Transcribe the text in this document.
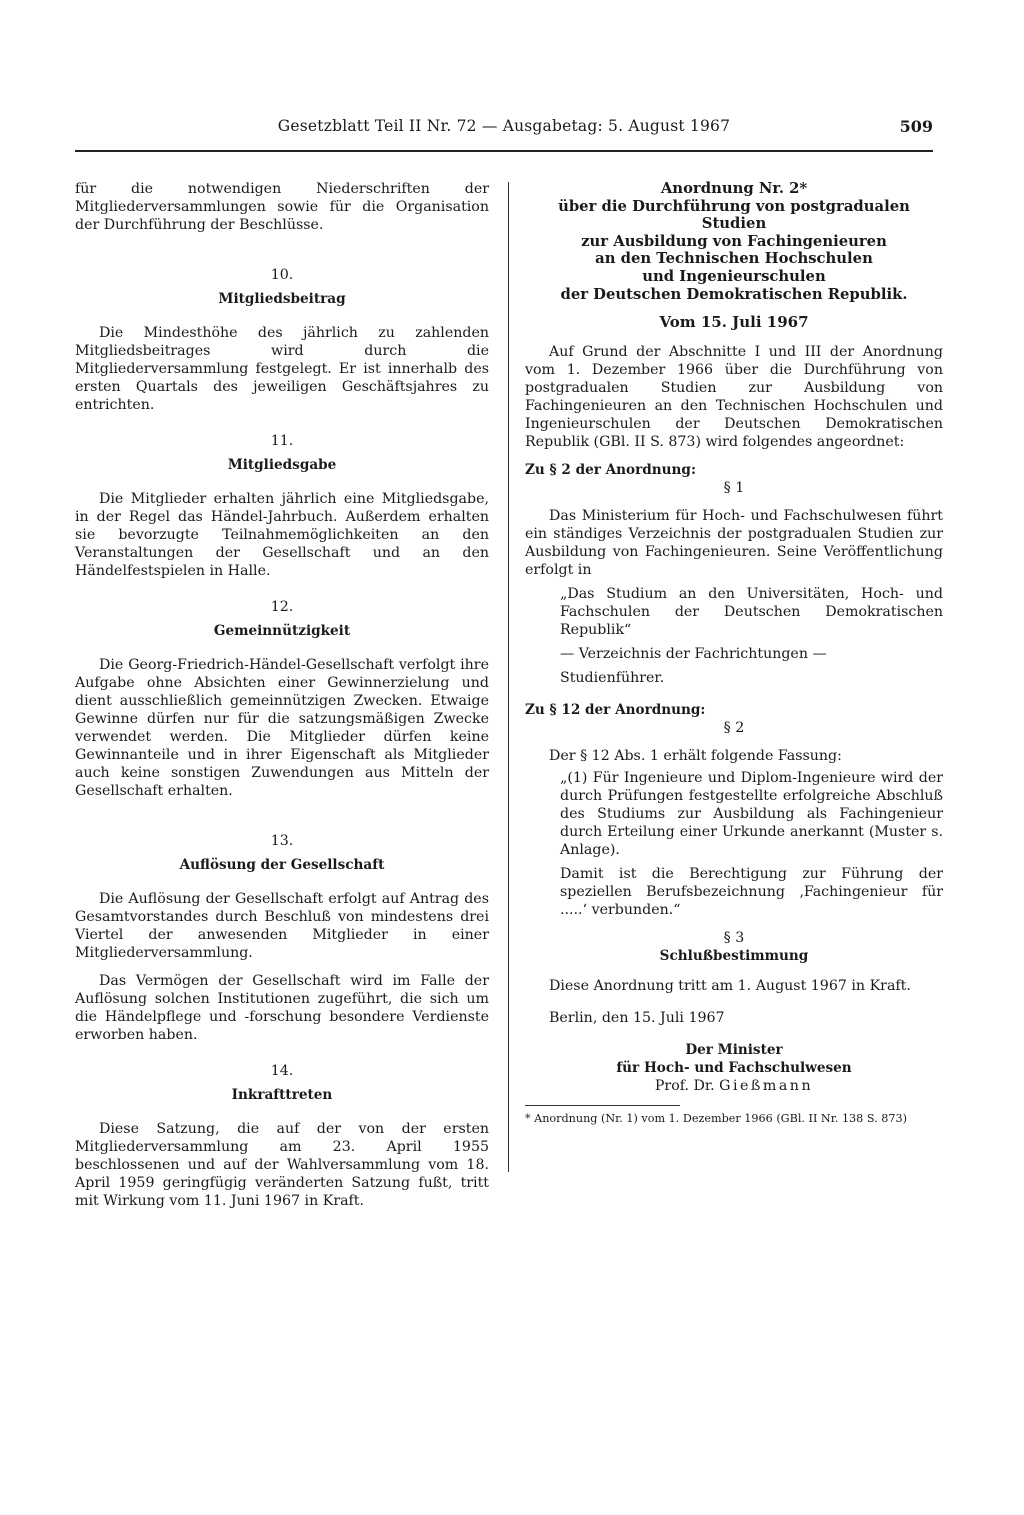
Gesetzblatt Teil II Nr. 72 — Ausgabetag: 5. August 1967	509

für die notwendigen Niederschriften der Mitgliederversammlungen sowie für die Organisation der Durchführung der Beschlüsse.

10.
Mitgliedsbeitrag

Die Mindesthöhe des jährlich zu zahlenden Mitgliedsbeitrages wird durch die Mitgliederversammlung festgelegt. Er ist innerhalb des ersten Quartals des jeweiligen Geschäftsjahres zu entrichten.

11.
Mitgliedsgabe

Die Mitglieder erhalten jährlich eine Mitgliedsgabe, in der Regel das Händel-Jahrbuch. Außerdem erhalten sie bevorzugte Teilnahmemöglichkeiten an den Veranstaltungen der Gesellschaft und an den Händelfestspielen in Halle.

12.
Gemeinnützigkeit

Die Georg-Friedrich-Händel-Gesellschaft verfolgt ihre Aufgabe ohne Absichten einer Gewinnerzielung und dient ausschließlich gemeinnützigen Zwecken. Etwaige Gewinne dürfen nur für die satzungsmäßigen Zwecke verwendet werden. Die Mitglieder dürfen keine Gewinnanteile und in ihrer Eigenschaft als Mitglieder auch keine sonstigen Zuwendungen aus Mitteln der Gesellschaft erhalten.

13.
Auflösung der Gesellschaft

Die Auflösung der Gesellschaft erfolgt auf Antrag des Gesamtvorstandes durch Beschluß von mindestens drei Viertel der anwesenden Mitglieder in einer Mitgliederversammlung.

Das Vermögen der Gesellschaft wird im Falle der Auflösung solchen Institutionen zugeführt, die sich um die Händelpflege und -forschung besondere Verdienste erworben haben.

14.
Inkrafttreten

Diese Satzung, die auf der von der ersten Mitgliederversammlung am 23. April 1955 beschlossenen und auf der Wahlversammlung vom 18. April 1959 geringfügig veränderten Satzung fußt, tritt mit Wirkung vom 11. Juni 1967 in Kraft.

Anordnung Nr. 2*
über die Durchführung von postgradualen Studien
zur Ausbildung von Fachingenieuren
an den Technischen Hochschulen
und Ingenieurschulen
der Deutschen Demokratischen Republik.
Vom 15. Juli 1967

Auf Grund der Abschnitte I und III der Anordnung vom 1. Dezember 1966 über die Durchführung von postgradualen Studien zur Ausbildung von Fachingenieuren an den Technischen Hochschulen und Ingenieurschulen der Deutschen Demokratischen Republik (GBl. II S. 873) wird folgendes angeordnet:

Zu § 2 der Anordnung:
§ 1

Das Ministerium für Hoch- und Fachschulwesen führt ein ständiges Verzeichnis der postgradualen Studien zur Ausbildung von Fachingenieuren. Seine Veröffentlichung erfolgt in

„Das Studium an den Universitäten, Hoch- und Fachschulen der Deutschen Demokratischen Republik“

— Verzeichnis der Fachrichtungen —

Studienführer.

Zu § 12 der Anordnung:
§ 2

Der § 12 Abs. 1 erhält folgende Fassung:

„(1) Für Ingenieure und Diplom-Ingenieure wird der durch Prüfungen festgestellte erfolgreiche Abschluß des Studiums zur Ausbildung als Fachingenieur durch Erteilung einer Urkunde anerkannt (Muster s. Anlage).

Damit ist die Berechtigung zur Führung der speziellen Berufsbezeichnung ‚Fachingenieur für .....‘ verbunden.“

§ 3
Schlußbestimmung

Diese Anordnung tritt am 1. August 1967 in Kraft.

Berlin, den 15. Juli 1967

Der Minister
für Hoch- und Fachschulwesen
Prof. Dr. Gießmann

* Anordnung (Nr. 1) vom 1. Dezember 1966 (GBl. II Nr. 138 S. 873)
